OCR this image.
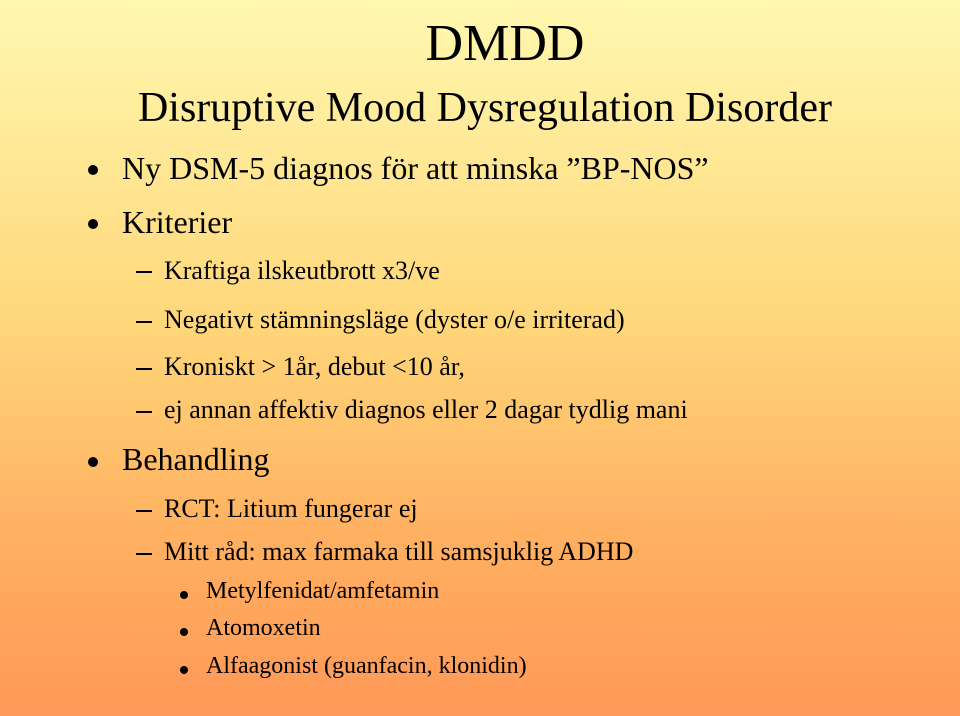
DMDD
Disruptive Mood Dysregulation Disorder
Ny DSM-5 diagnos för att minska ”BP-NOS”
Kriterier
Kraftiga ilskeutbrott x3/ve
Negativt stämningsläge (dyster o/e irriterad)
Kroniskt > 1år, debut <10 år,
ej annan affektiv diagnos eller 2 dagar tydlig mani
Behandling
RCT: Litium fungerar ej
Mitt råd: max farmaka till samsjuklig ADHD
Metylfenidat/amfetamin
Atomoxetin
Alfaagonist (guanfacin, klonidin)
